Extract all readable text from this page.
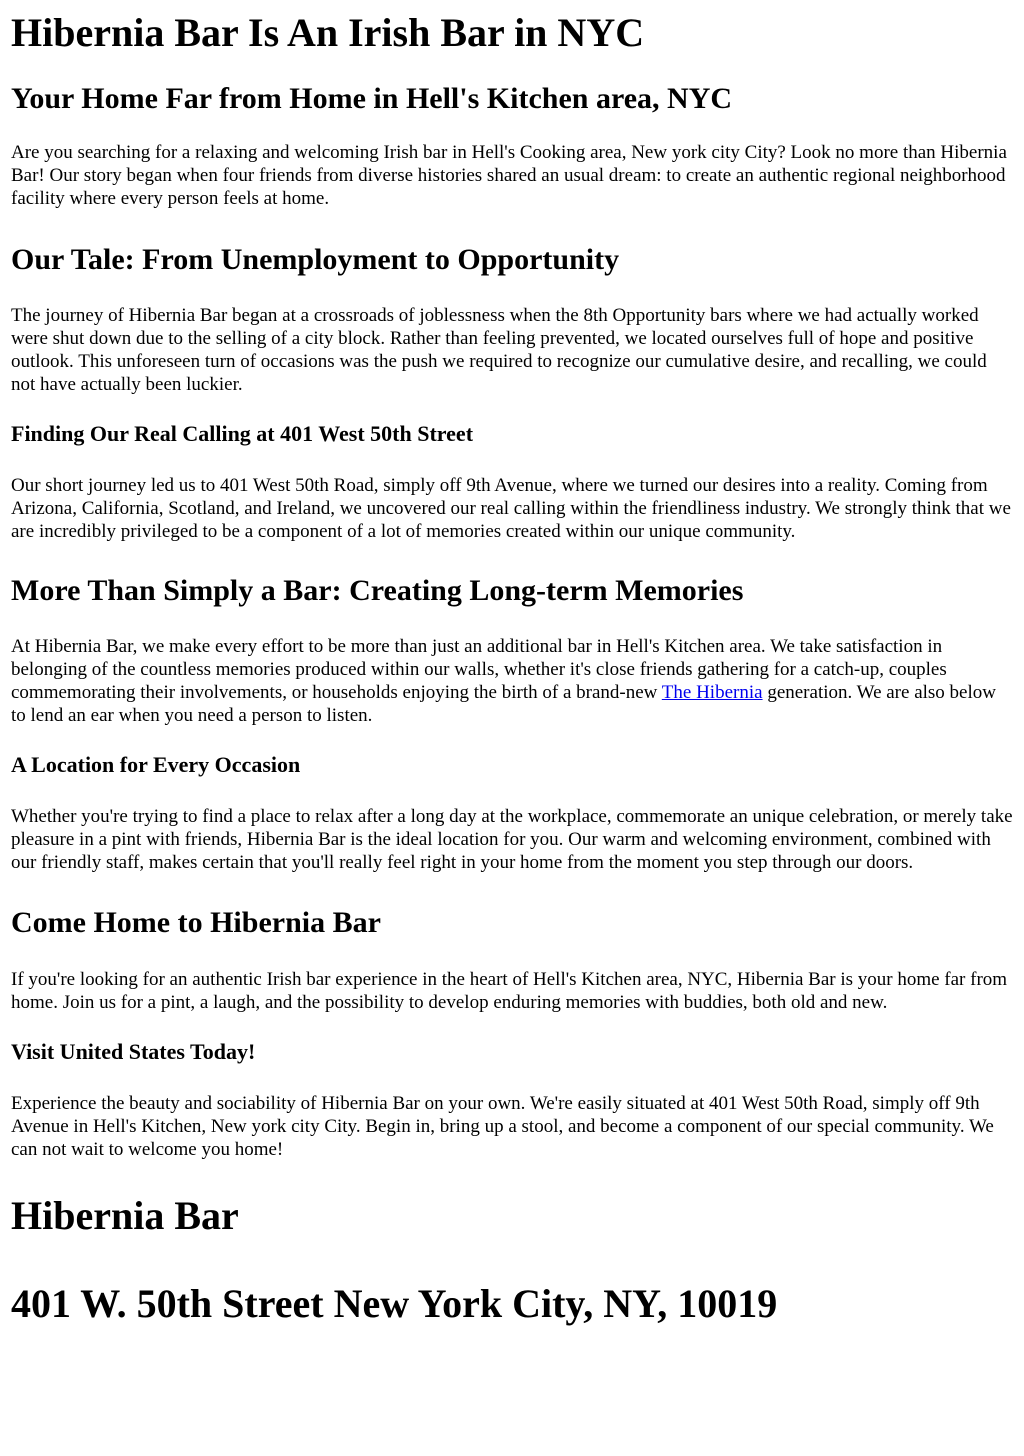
Hibernia Bar Is An Irish Bar in NYC
Your Home Far from Home in Hell's Kitchen area, NYC

Are you searching for a relaxing and welcoming Irish bar in Hell's Cooking area, New york city City? Look no more than Hibernia Bar! Our story began when four friends from diverse histories shared an usual dream: to create an authentic regional neighborhood facility where every person feels at home.

Our Tale: From Unemployment to Opportunity

The journey of Hibernia Bar began at a crossroads of joblessness when the 8th Opportunity bars where we had actually worked were shut down due to the selling of a city block. Rather than feeling prevented, we located ourselves full of hope and positive outlook. This unforeseen turn of occasions was the push we required to recognize our cumulative desire, and recalling, we could not have actually been luckier.

Finding Our Real Calling at 401 West 50th Street

Our short journey led us to 401 West 50th Road, simply off 9th Avenue, where we turned our desires into a reality. Coming from Arizona, California, Scotland, and Ireland, we uncovered our real calling within the friendliness industry. We strongly think that we are incredibly privileged to be a component of a lot of memories created within our unique community.

More Than Simply a Bar: Creating Long-term Memories

At Hibernia Bar, we make every effort to be more than just an additional bar in Hell's Kitchen area. We take satisfaction in belonging of the countless memories produced within our walls, whether it's close friends gathering for a catch-up, couples commemorating their involvements, or households enjoying the birth of a brand-new The Hibernia generation. We are also below to lend an ear when you need a person to listen.

A Location for Every Occasion

Whether you're trying to find a place to relax after a long day at the workplace, commemorate an unique celebration, or merely take pleasure in a pint with friends, Hibernia Bar is the ideal location for you. Our warm and welcoming environment, combined with our friendly staff, makes certain that you'll really feel right in your home from the moment you step through our doors.

Come Home to Hibernia Bar

If you're looking for an authentic Irish bar experience in the heart of Hell's Kitchen area, NYC, Hibernia Bar is your home far from home. Join us for a pint, a laugh, and the possibility to develop enduring memories with buddies, both old and new.

Visit United States Today!

Experience the beauty and sociability of Hibernia Bar on your own. We're easily situated at 401 West 50th Road, simply off 9th Avenue in Hell's Kitchen, New york city City. Begin in, bring up a stool, and become a component of our special community. We can not wait to welcome you home!

Hibernia Bar
401 W. 50th Street New York City, NY, 10019
